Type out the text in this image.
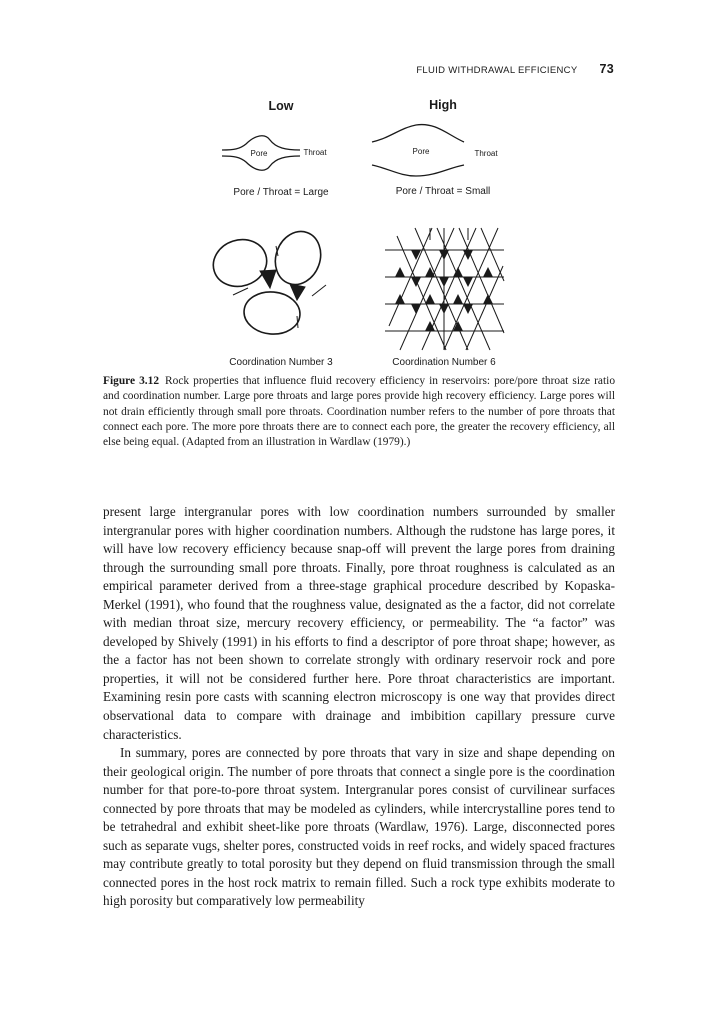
FLUID WITHDRAWAL EFFICIENCY 73
Low	High
Pore	Throat	Pore	Throat
Pore / Throat = Large	Pore / Throat = Small
Coordination Number 3	Coordination Number 6
Figure 3.12 Rock properties that influence fluid recovery efficiency in reservoirs: pore/pore throat size ratio and coordination number. Large pore throats and large pores provide high recovery efficiency. Large pores will not drain efficiently through small pore throats. Coordination number refers to the number of pore throats that connect each pore. The more pore throats there are to connect each pore, the greater the recovery efficiency, all else being equal. (Adapted from an illustration in Wardlaw (1979).)

present large intergranular pores with low coordination numbers surrounded by smaller intergranular pores with higher coordination numbers. Although the rudstone has large pores, it will have low recovery efficiency because snap-off will prevent the large pores from draining through the surrounding small pore throats. Finally, pore throat roughness is calculated as an empirical parameter derived from a three-stage graphical procedure described by Kopaska-Merkel (1991), who found that the roughness value, designated as the a factor, did not correlate with median throat size, mercury recovery efficiency, or permeability. The “a factor” was developed by Shively (1991) in his efforts to find a descriptor of pore throat shape; however, as the a factor has not been shown to correlate strongly with ordinary reservoir rock and pore properties, it will not be considered further here. Pore throat characteristics are important. Examining resin pore casts with scanning electron microscopy is one way that provides direct observational data to compare with drainage and imbibition capillary pressure curve characteristics.

In summary, pores are connected by pore throats that vary in size and shape depending on their geological origin. The number of pore throats that connect a single pore is the coordination number for that pore-to-pore throat system. Intergranular pores consist of curvilinear surfaces connected by pore throats that may be modeled as cylinders, while intercrystalline pores tend to be tetrahedral and exhibit sheet-like pore throats (Wardlaw, 1976). Large, disconnected pores such as separate vugs, shelter pores, constructed voids in reef rocks, and widely spaced fractures may contribute greatly to total porosity but they depend on fluid transmission through the small connected pores in the host rock matrix to remain filled. Such a rock type exhibits moderate to high porosity but comparatively low permeability
